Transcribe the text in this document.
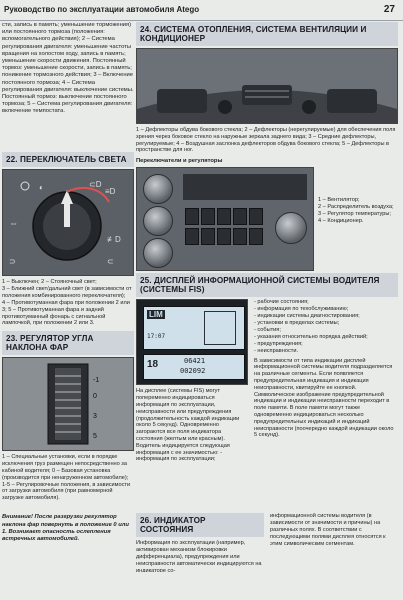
Руководство по эксплуатации автомобиля Atego	27

сти, запись в память; уменьшение торможения) или постоянного тормоза (положения: вспомогательного действия); 2 – Система регулирования двигателя: уменьшение частоты вращения на холостом ходу, запись в память; уменьшение скорости движения. Постоянный тормоз: уменьшение скорости, запись в память; понижение тормозного действия; 3 – Включение постоянного тормоза; 4 – Система регулирования двигателя: выключение системы. Постоянный тормоз: выключение постоянного тормоза; 5 – Система регулирования двигателя: включение темпостата.

22. ПЕРЕКЛЮЧАТЕЛЬ СВЕТА

◐	⊂D
≡D
⇔
≢D
⊃	⊂
1 – Выключен; 2 – Стояночный свет;
3 – Ближний свет/дальний свет (в зависимости от положения комбинированного переключателя);
4 – Противотуманная фара при положении 2 или 3; 5 – Противотуманная фара и задний противотуманный фонарь с сигнальной лампочкой, при положении 2 или 3.

23. РЕГУЛЯТОР УГЛА НАКЛОНА ФАР

-1
0
3
5

1 – Специальные установки, если в порядке исключения груз размещен непосредственно за кабиной водителя; 0 – Базовая установка (производится при ненагруженном автомобиле); 1-5 – Регулировочные положения, в зависимости от загрузки автомобиля (при равномерной загрузке автомобиля).

Внимание! После разгрузки регулятор наклона фар повернуть в положение 0 или 1. Возникает опасность ослепления встречных автомобилей.

24. СИСТЕМА ОТОПЛЕНИЯ, СИСТЕМА ВЕНТИЛЯЦИИ И КОНДИЦИОНЕР

1 – Дефлекторы обдува бокового стекла; 2 – Дефлекторы (нерегулируемые) для обеспечения поля зрения через боковое стекло на наружные зеркала заднего вида; 3 – Средние дефлекторы, регулируемые; 4 – Воздушная заслонка дефлекторов обдува бокового стекла; 5 – Дефлекторы в пространстве для ног.

Переключатели и регуляторы

1 – Вентилятор;
2 – Распределитель воздуха;
3 – Регулятор температуры;
4 – Кондиционер.

25. ДИСПЛЕЙ ИНФОРМАЦИОННОЙ СИСТЕМЫ ВОДИТЕЛЯ (СИСТЕМЫ FIS)

LIM
17:07
18	06421
002092

На дисплее (системы FIS) могут попеременно индицироваться информация по эксплуатации, неисправности или предупреждения (продолжительность каждой индикации около 5 секунд). Одновременно загораются все поля индикатора состояния (желтым или красным). Водитель индицируется следующая информация с ее значимостью: - информация по эксплуатации;

- рабочие состояния;
- информация по техобслуживанию;
- индикации системы диагностирования;
- установки в пределах системы;
- события;
- указания относительно порядка действий;
- предупреждения;
- неисправности.

В зависимости от типа индикации дисплей информационной системы водителя подразделяется на различные сегменты. Если появляется предупредительная индикация и индикация неисправности, квитируйте ее кнопкой. Символическое изображение предупредительной индикации и индикации неисправности переходит в поле памяти. В поле памяти могут также одновременно индицироваться несколько предупредительных индикаций и индикаций неисправности (поочередно каждой индикации около 5 секунд).

26. ИНДИКАТОР СОСТОЯНИЯ

Информация по эксплуатации (например, активирован механизм блокировки дифференциала), предупреждения или неисправности автоматически индицируются на индикаторе со-

информационной системы водителя (в зависимости от значимости и причины) на различных полях. В соответствии с последующими полями дисплея относятся к этим символическим сегментам.
